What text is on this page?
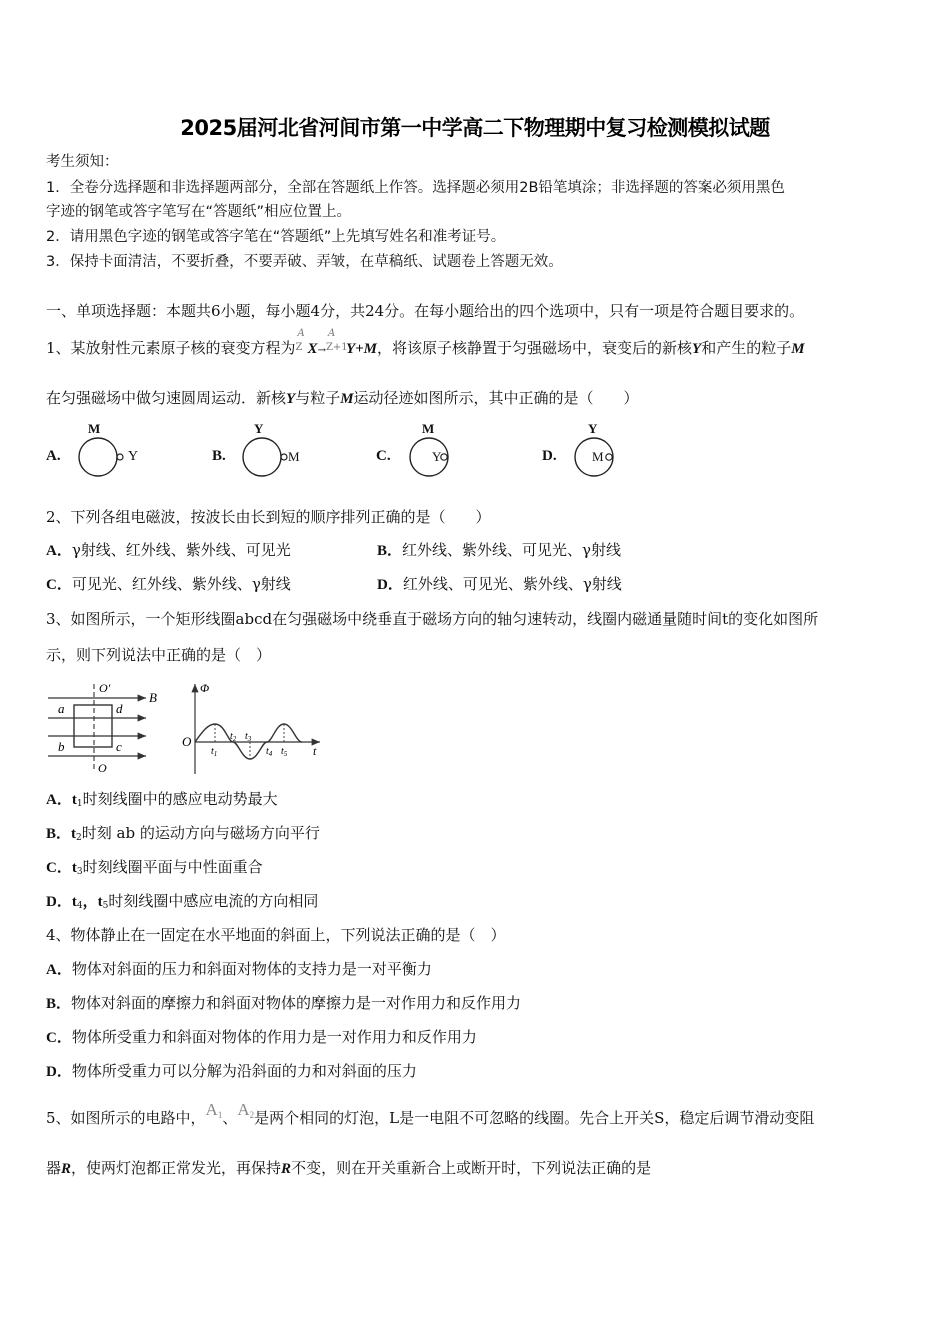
2025届河北省河间市第一中学高二下物理期中复习检测模拟试题
考生须知：
1．全卷分选择题和非选择题两部分，全部在答题纸上作答。选择题必须用2B铅笔填涂；非选择题的答案必须用黑色
字迹的钢笔或答字笔写在“答题纸”相应位置上。
2．请用黑色字迹的钢笔或答字笔在“答题纸”上先填写姓名和准考证号。
3．保持卡面清洁，不要折叠，不要弄破、弄皱，在草稿纸、试题卷上答题无效。
一、单项选择题：本题共6小题，每小题4分，共24分。在每小题给出的四个选项中，只有一项是符合题目要求的。
1、某放射性元素原子核的衰变方程为
A
Z X→
A
Z+1
Y+M，将该原子核静置于匀强磁场中，衰变后的新核Y和产生的粒子M
在匀强磁场中做匀速圆周运动．新核Y与粒子M运动径迹如图所示，其中正确的是（　　）
A.
M
Y	B.
Y
M	C.
M
Y	D.
Y
M
2、下列各组电磁波，按波长由长到短的顺序排列正确的是（　　）
A．γ射线、红外线、紫外线、可见光	B．红外线、紫外线、可见光、γ射线
C．可见光、红外线、紫外线、γ射线	D．红外线、可见光、紫外线、γ射线
3、如图所示，一个矩形线圈abcd在匀强磁场中绕垂直于磁场方向的轴匀速转动，线圈内磁通量随时间t的变化如图所
示，则下列说法中正确的是（　）
O′
B
a	d
b	c
O
Φ
O
t
$t_1$
$t_2$ $t_3$
$t_4$ $t_5$
A．$t_1$时刻线圈中的感应电动势最大
B．$t_2$时刻 ab 的运动方向与磁场方向平行
C．$t_3$时刻线圈平面与中性面重合
D．$t_4$，$t_5$时刻线圈中感应电流的方向相同
4、物体静止在一固定在水平地面的斜面上，下列说法正确的是（　）
A．物体对斜面的压力和斜面对物体的支持力是一对平衡力
B．物体对斜面的摩擦力和斜面对物体的摩擦力是一对作用力和反作用力
C．物体所受重力和斜面对物体的作用力是一对作用力和反作用力
D．物体所受重力可以分解为沿斜面的力和对斜面的压力
5、如图所示的电路中，A1、A2是两个相同的灯泡，L是一电阻不可忽略的线圈。先合上开关S，稳定后调节滑动变阻
器R，使两灯泡都正常发光，再保持R不变，则在开关重新合上或断开时，下列说法正确的是
